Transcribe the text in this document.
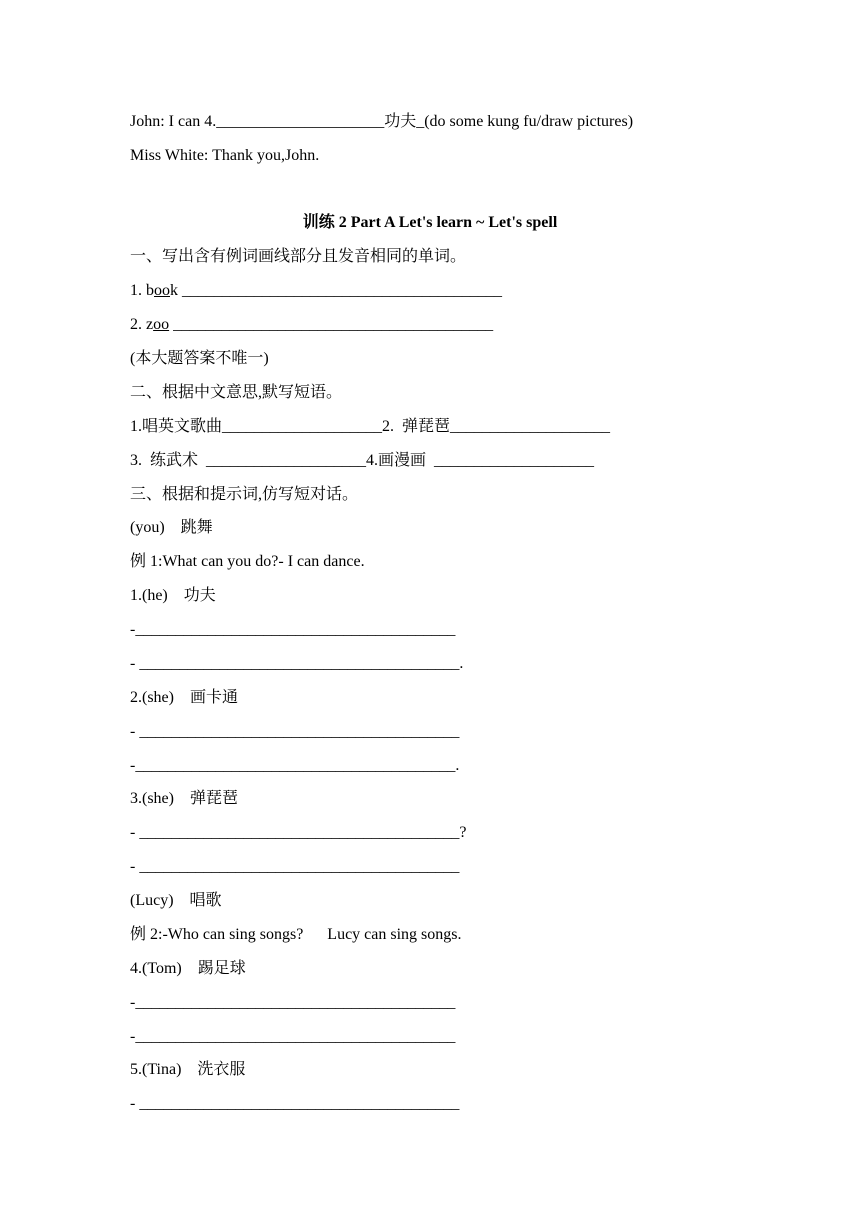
John: I can 4._____________________功夫_(do some kung fu/draw pictures)
Miss White: Thank you,John.
训练 2 Part A Let's learn ~ Let's spell
一、写出含有例词画线部分且发音相同的单词。
1. book ________________________________________
2. zoo ________________________________________
(本大题答案不唯一)
二、根据中文意思,默写短语。
1.唱英文歌曲____________________2.  弹琵琶____________________
3.  练武术  ____________________4.画漫画  ____________________
三、根据和提示词,仿写短对话。
(you)    跳舞
例 1:What can you do?- I can dance.
1.(he)    功夫
-________________________________________
- ________________________________________.
2.(she)    画卡通
- ________________________________________
-________________________________________.
3.(she)    弹琵琶
- ________________________________________?
- ________________________________________
(Lucy)    唱歌
例 2:-Who can sing songs?      Lucy can sing songs.
4.(Tom)    踢足球
-________________________________________
-________________________________________
5.(Tina)    洗衣服
- ________________________________________
